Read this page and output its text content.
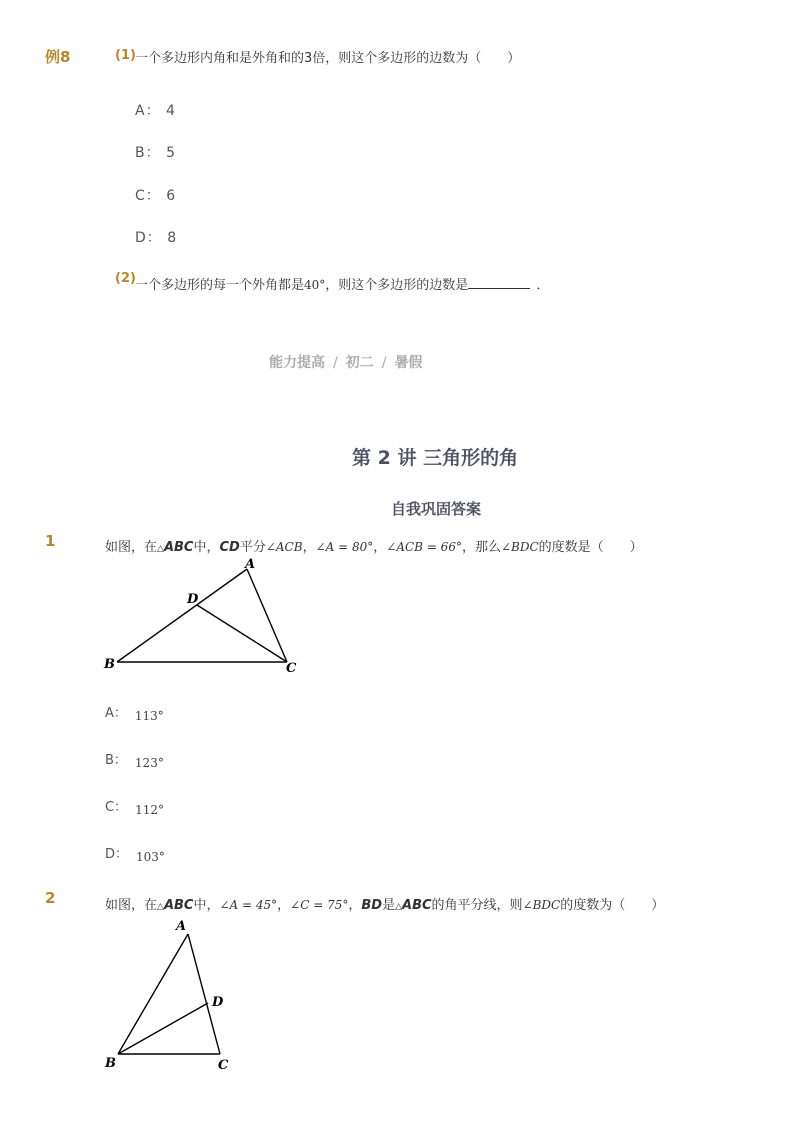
例8	(1) 一个多边形内角和是外角和的3倍，则这个多边形的边数为（　　）
A： 4
B： 5
C： 6
D： 8
(2) 一个多边形的每一个外角都是40°，则这个多边形的边数是	．
能力提高 / 初二 / 暑假
第 2 讲 三角形的角
自我巩固答案
1	如图，在△ABC中，CD平分∠ACB，∠A = 80°，∠ACB = 66°，那么∠BDC的度数是（　　）
A
B	C
D
A： 113°
B： 123°
C： 112°
D： 103°
2	如图，在△ABC中，∠A = 45°，∠C = 75°，BD是△ABC的角平分线，则∠BDC的度数为（　　）
A
B	C
D
